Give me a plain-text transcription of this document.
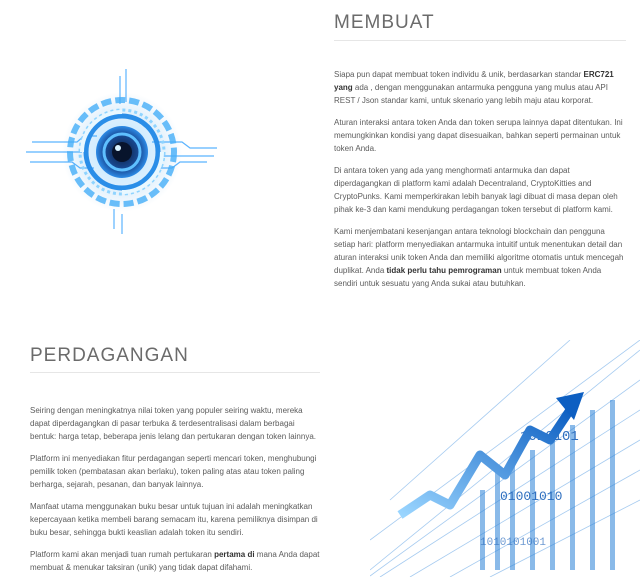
MEMBUAT

Siapa pun dapat membuat token individu & unik, berdasarkan standar ERC721 yang ada , dengan menggunakan antarmuka pengguna yang mulus atau API REST / Json standar kami, untuk skenario yang lebih maju atau korporat.

Aturan interaksi antara token Anda dan token serupa lainnya dapat ditentukan. Ini memungkinkan kondisi yang dapat disesuaikan, bahkan seperti permainan untuk token Anda.

Di antara token yang ada yang menghormati antarmuka dan dapat diperdagangkan di platform kami adalah Decentraland, CryptoKitties and CryptoPunks. Kami memperkirakan lebih banyak lagi dibuat di masa depan oleh pihak ke-3 dan kami mendukung perdagangan token tersebut di platform kami.

Kami menjembatani kesenjangan antara teknologi blockchain dan pengguna setiap hari: platform menyediakan antarmuka intuitif untuk menentukan detail dan aturan interaksi unik token Anda dan memiliki algoritme otomatis untuk mencegah duplikat. Anda tidak perlu tahu pemrograman untuk membuat token Anda sendiri untuk sesuatu yang Anda sukai atau butuhkan.

PERDAGANGAN

Seiring dengan meningkatnya nilai token yang populer seiring waktu, mereka dapat diperdagangkan di pasar terbuka & terdesentralisasi dalam berbagai bentuk: harga tetap, beberapa jenis lelang dan pertukaran dengan token lainnya.

Platform ini menyediakan fitur perdagangan seperti mencari token, menghubungi pemilik token (pembatasan akan berlaku), token paling atas atau token paling berharga, sejarah, pesanan, dan banyak lainnya.

Manfaat utama menggunakan buku besar untuk tujuan ini adalah meningkatkan kepercayaan ketika membeli barang semacam itu, karena pemiliknya disimpan di buku besar, sehingga bukti keaslian adalah token itu sendiri.

Platform kami akan menjadi tuan rumah pertukaran pertama di mana Anda dapat membuat & menukar taksiran (unik) yang tidak dapat difahami.

1010101
01001010
1010101001
